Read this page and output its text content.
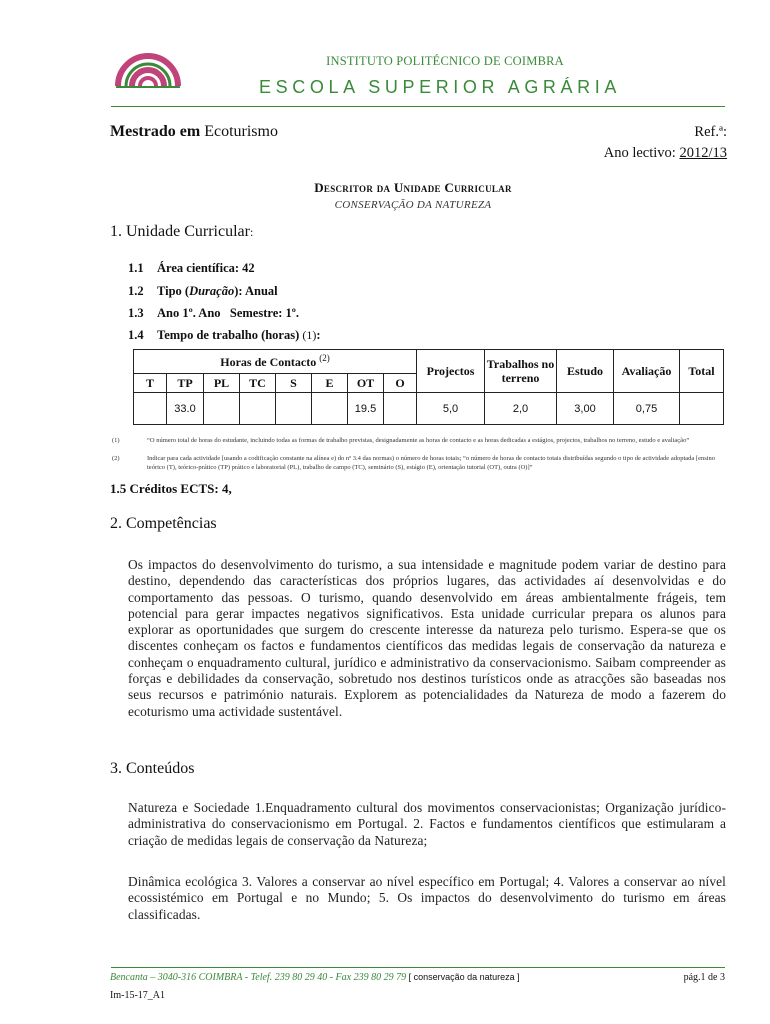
INSTITUTO POLITÉCNICO DE COIMBRA
ESCOLA SUPERIOR AGRÁRIA
Mestrado em Ecoturismo	Ref.ª:
Ano lectivo: 2012/13
Descritor da Unidade Curricular
CONSERVAÇÃO DA NATUREZA
1. Unidade Curricular:
1.1 Área científica: 42
1.2 Tipo (Duração): Anual
1.3 Ano 1º. Ano   Semestre: 1º.
1.4 Tempo de trabalho (horas) (1):
Horas de Contacto $^{(2)}$								Projectos	Trabalhos no terreno	Estudo	Avaliação	Total
T	TP	PL	TC	S	E	OT	O					
	33.0					19.5		5,0	2,0	3,00	0,75	
(1)	“O número total de horas do estudante, incluindo todas as formas de trabalho previstas, designadamente as horas de contacto e as horas dedicadas a estágios, projectos, trabalhos no terreno, estudo e avaliação”
(2)	Indicar para cada actividade [usando a codificação constante na alínea e) do nº 3.4 das normas) o número de horas totais; “o número de horas de contacto totais distribuídas segundo o tipo de actividade adoptada [ensino teórico (T), teórico-prático (TP) prático e laboratorial (PL), trabalho de campo (TC), seminário (S), estágio (E), orientação tutorial (OT), outra (O)]”
1.5 Créditos ECTS: 4,
2. Competências
Os impactos do desenvolvimento do turismo, a sua intensidade e magnitude podem variar de destino para destino, dependendo das características dos próprios lugares, das actividades aí desenvolvidas e do comportamento das pessoas. O turismo, quando desenvolvido em áreas ambientalmente frágeis, tem potencial para gerar impactes negativos significativos. Esta unidade curricular prepara os alunos para explorar as oportunidades que surgem do crescente interesse da natureza pelo turismo. Espera-se que os discentes conheçam os factos e fundamentos científicos das medidas legais de conservação da natureza e conheçam o enquadramento cultural, jurídico e administrativo da conservacionismo. Saibam compreender as forças e debilidades da conservação, sobretudo nos destinos turísticos onde as atracções são baseadas nos seus recursos e património naturais. Explorem as potencialidades da Natureza de modo a fazerem do ecoturismo uma actividade sustentável.
3. Conteúdos
Natureza e Sociedade 1.Enquadramento cultural dos movimentos conservacionistas; Organização jurídico-administrativa do conservacionismo em Portugal. 2. Factos e fundamentos científicos que estimularam a criação de medidas legais de conservação da Natureza;
Dinâmica ecológica 3. Valores a conservar ao nível específico em Portugal; 4. Valores a conservar ao nível ecossistémico em Portugal e no Mundo; 5. Os impactos do desenvolvimento do turismo em áreas classificadas.
Bencanta – 3040-316 COIMBRA - Telef. 239 80 29 40 - Fax 239 80 29 79 [ conservação da natureza ]	pág.1 de 3
Im-15-17_A1
